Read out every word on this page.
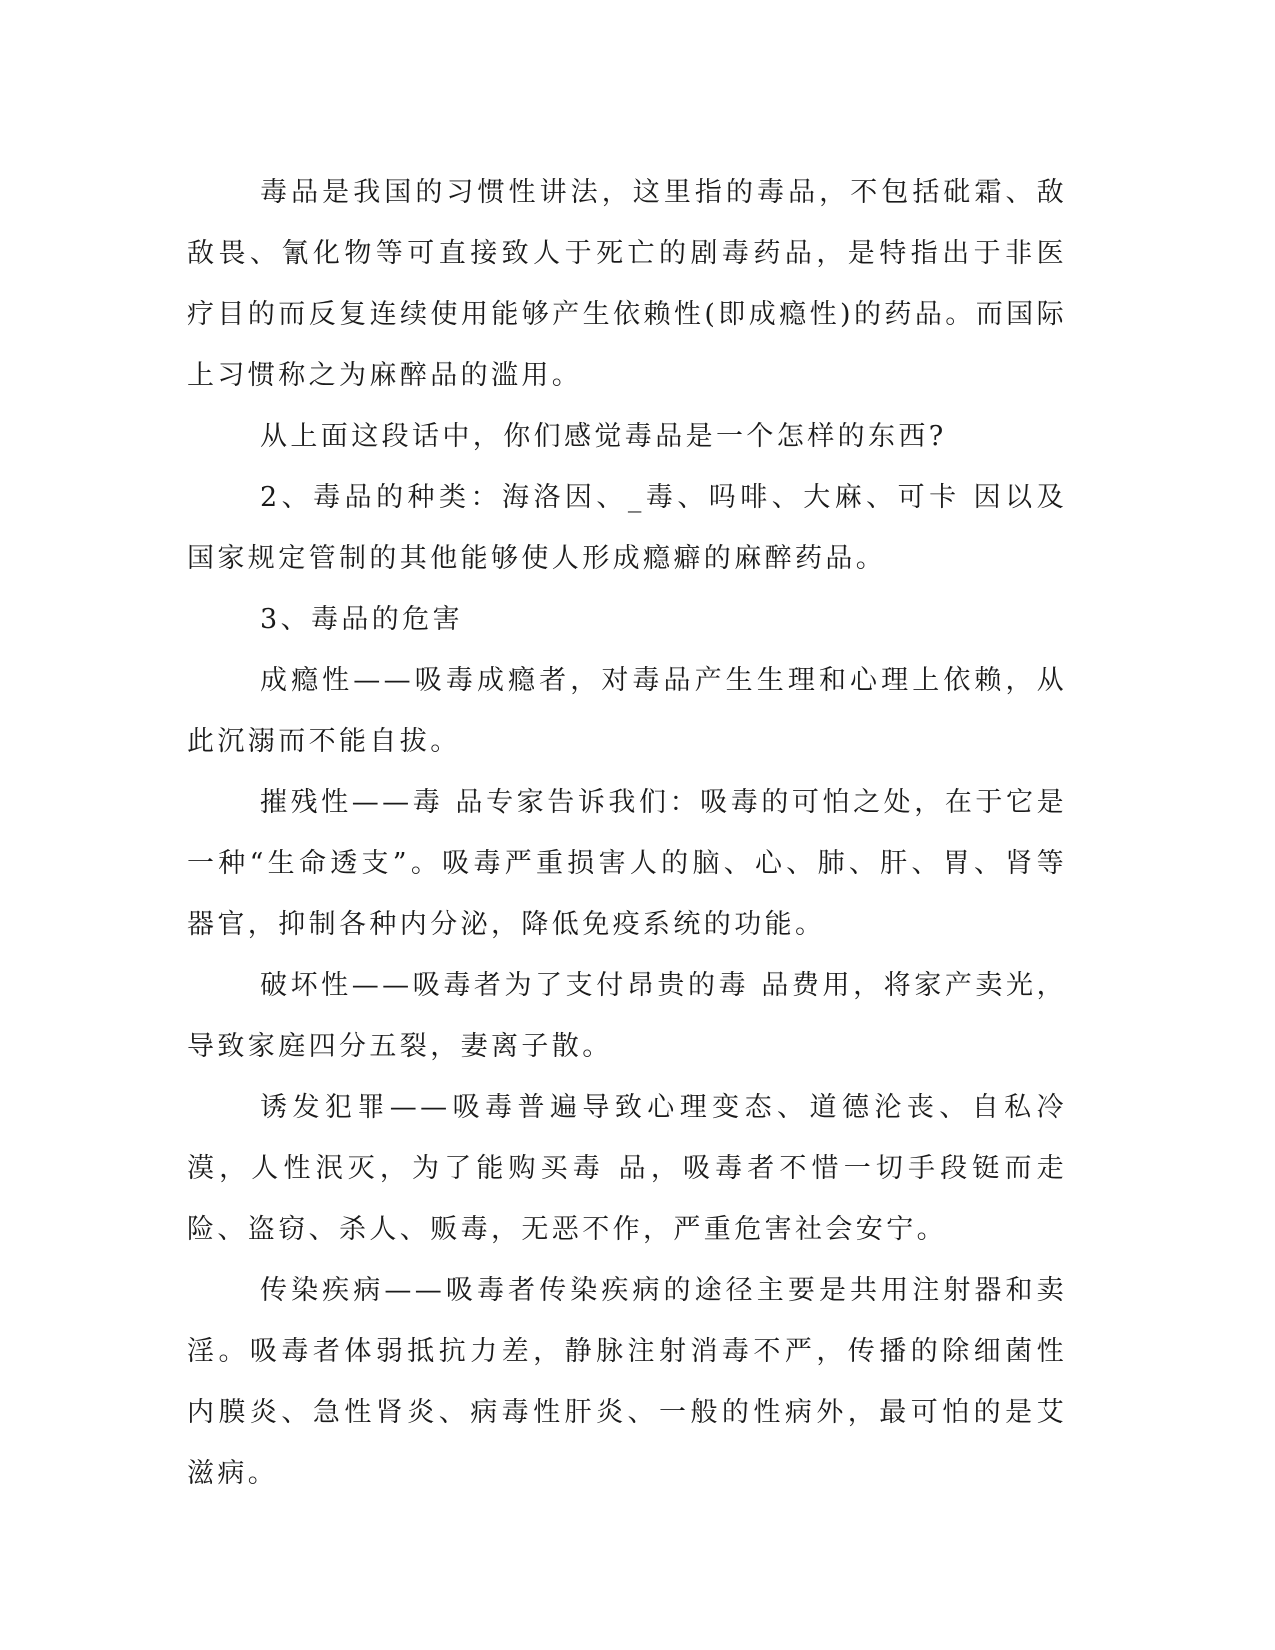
毒品是我国的习惯性讲法，这里指的毒品，不包括砒霜、敌敌畏、氰化物等可直接致人于死亡的剧毒药品，是特指出于非医疗目的而反复连续使用能够产生依赖性(即成瘾性)的药品。而国际上习惯称之为麻醉品的滥用。

从上面这段话中，你们感觉毒品是一个怎样的东西?

2、毒品的种类：海洛因、_毒、吗啡、大麻、可卡 因以及国家规定管制的其他能够使人形成瘾癖的麻醉药品。

3、毒品的危害

成瘾性——吸毒成瘾者，对毒品产生生理和心理上依赖，从此沉溺而不能自拔。

摧残性——毒 品专家告诉我们：吸毒的可怕之处，在于它是一种“生命透支”。吸毒严重损害人的脑、心、肺、肝、胃、肾等器官，抑制各种内分泌，降低免疫系统的功能。

破坏性——吸毒者为了支付昂贵的毒 品费用，将家产卖光，导致家庭四分五裂，妻离子散。

诱发犯罪——吸毒普遍导致心理变态、道德沦丧、自私冷漠，人性泯灭，为了能购买毒 品，吸毒者不惜一切手段铤而走险、盗窃、杀人、贩毒，无恶不作，严重危害社会安宁。

传染疾病——吸毒者传染疾病的途径主要是共用注射器和卖淫。吸毒者体弱抵抗力差，静脉注射消毒不严，传播的除细菌性内膜炎、急性肾炎、病毒性肝炎、一般的性病外，最可怕的是艾滋病。
